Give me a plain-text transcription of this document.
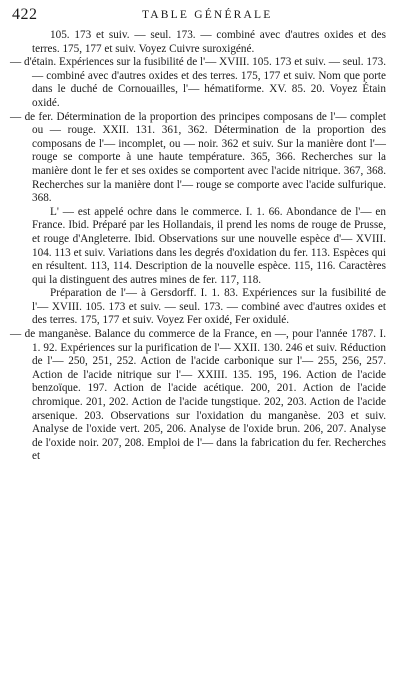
422	TABLE GÉNÉRALE

105. 173 et suiv. — seul. 173. — combiné avec d'autres oxides et des terres. 175, 177 et suiv. Voyez Cuivre suroxigéné.

— d'étain. Expériences sur la fusibilité de l'— XVIII. 105. 173 et suiv. — seul. 173. — combiné avec d'autres oxides et des terres. 175, 177 et suiv. Nom que porte dans le duché de Cornouailles, l'— hématiforme. XV. 85. 20. Voyez Étain oxidé.

— de fer. Détermination de la proportion des principes composans de l'— complet ou — rouge. XXII. 131. 361, 362. Détermination de la proportion des composans de l'— incomplet, ou — noir. 362 et suiv. Sur la manière dont l'— rouge se comporte à une haute température. 365, 366. Recherches sur la manière dont le fer et ses oxides se comportent avec l'acide nitrique. 367, 368. Recherches sur la manière dont l'— rouge se comporte avec l'acide sulfurique. 368.

L' — est appelé ochre dans le commerce. I. 1. 66. Abondance de l'— en France. Ibid. Préparé par les Hollandais, il prend les noms de rouge de Prusse, et rouge d'Angleterre. Ibid. Observations sur une nouvelle espèce d'— XVIII. 104. 113 et suiv. Variations dans les degrés d'oxidation du fer. 113. Espèces qui en résultent. 113, 114. Description de la nouvelle espèce. 115, 116. Caractères qui la distinguent des autres mines de fer. 117, 118.

Préparation de l'— à Gersdorff. I. 1. 83. Expériences sur la fusibilité de l'— XVIII. 105. 173 et suiv. — seul. 173. — combiné avec d'autres oxides et des terres. 175, 177 et suiv. Voyez Fer oxidé, Fer oxidulé.

— de manganèse. Balance du commerce de la France, en —, pour l'année 1787. I. 1. 92. Expériences sur la purification de l'— XXII. 130. 246 et suiv. Réduction de l'— 250, 251, 252. Action de l'acide carbonique sur l'— 255, 256, 257. Action de l'acide nitrique sur l'— XXIII. 135. 195, 196. Action de l'acide benzoïque. 197. Action de l'acide acétique. 200, 201. Action de l'acide chromique. 201, 202. Action de l'acide tungstique. 202, 203. Action de l'acide arsenique. 203. Observations sur l'oxidation du manganèse. 203 et suiv. Analyse de l'oxide vert. 205, 206. Analyse de l'oxide brun. 206, 207. Analyse de l'oxide noir. 207, 208. Emploi de l'— dans la fabrication du fer. Recherches et
